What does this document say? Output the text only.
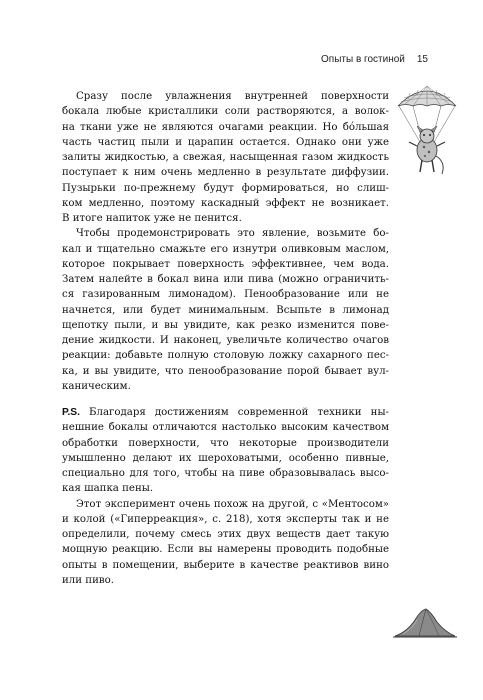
Опыты в гостиной 15
Сразу после увлажнения внутренней поверхности
бокала любые кристаллики соли растворяются, а волок-
на ткани уже не являются очагами реакции. Но бóльшая
часть частиц пыли и царапин остается. Однако они уже
залиты жидкостью, а свежая, насыщенная газом жидкость
поступает к ним очень медленно в результате диффузии.
Пузырьки по-прежнему будут формироваться, но слиш-
ком медленно, поэтому каскадный эффект не возникает.
В итоге напиток уже не пенится.
Чтобы продемонстрировать это явление, возьмите бо-
кал и тщательно смажьте его изнутри оливковым маслом,
которое покрывает поверхность эффективнее, чем вода.
Затем налейте в бокал вина или пива (можно ограничить-
ся газированным лимонадом). Пенообразование или не
начнется, или будет минимальным. Всыпьте в лимонад
щепотку пыли, и вы увидите, как резко изменится пове-
дение жидкости. И наконец, увеличьте количество очагов
реакции: добавьте полную столовую ложку сахарного пес-
ка, и вы увидите, что пенообразование порой бывает вул-
каническим.
P.S. Благодаря достижениям современной техники ны-
нешние бокалы отличаются настолько высоким качеством
обработки поверхности, что некоторые производители
умышленно делают их шероховатыми, особенно пивные,
специально для того, чтобы на пиве образовывалась высо-
кая шапка пены.
Этот эксперимент очень похож на другой, с «Ментосом»
и колой («Гиперреакция», с. 218), хотя эксперты так и не
определили, почему смесь этих двух веществ дает такую
мощную реакцию. Если вы намерены проводить подобные
опыты в помещении, выберите в качестве реактивов вино
или пиво.
